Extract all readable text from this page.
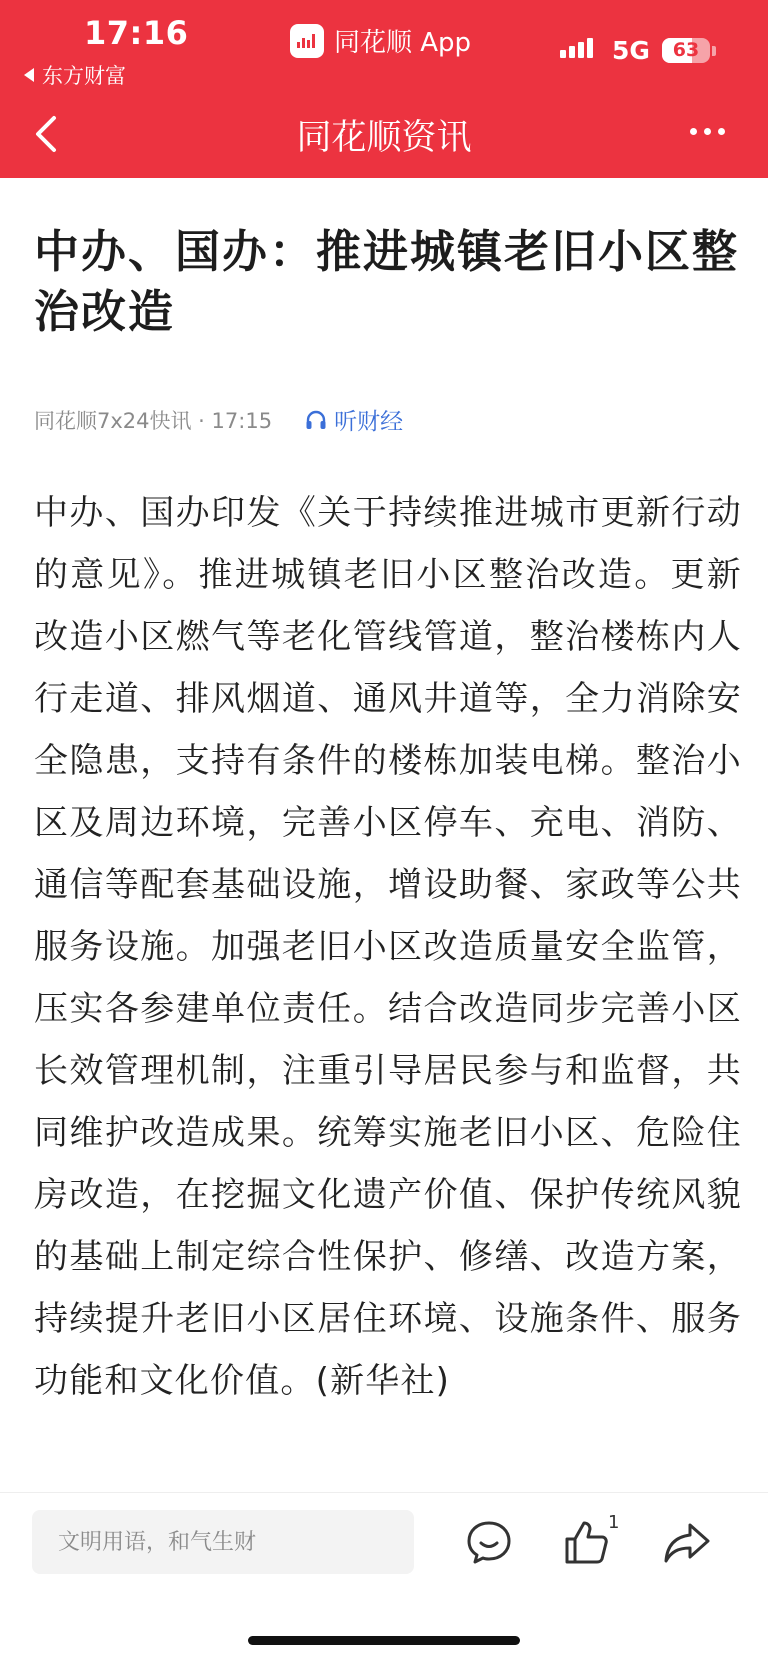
17:16
东方财富
同花顺 App	5G	63
同花顺资讯
中办、国办：推进城镇老旧小区整治改造
同花顺7x24快讯 · 17:15	听财经
中办、国办印发《关于持续推进城市更新行动的意见》。推进城镇老旧小区整治改造。更新改造小区燃气等老化管线管道，整治楼栋内人行走道、排风烟道、通风井道等，全力消除安全隐患，支持有条件的楼栋加装电梯。整治小区及周边环境，完善小区停车、充电、消防、通信等配套基础设施，增设助餐、家政等公共服务设施。加强老旧小区改造质量安全监管，压实各参建单位责任。结合改造同步完善小区长效管理机制，注重引导居民参与和监督，共同维护改造成果。统筹实施老旧小区、危险住房改造，在挖掘文化遗产价值、保护传统风貌的基础上制定综合性保护、修缮、改造方案，持续提升老旧小区居住环境、设施条件、服务功能和文化价值。(新华社)
文明用语，和气生财
1
